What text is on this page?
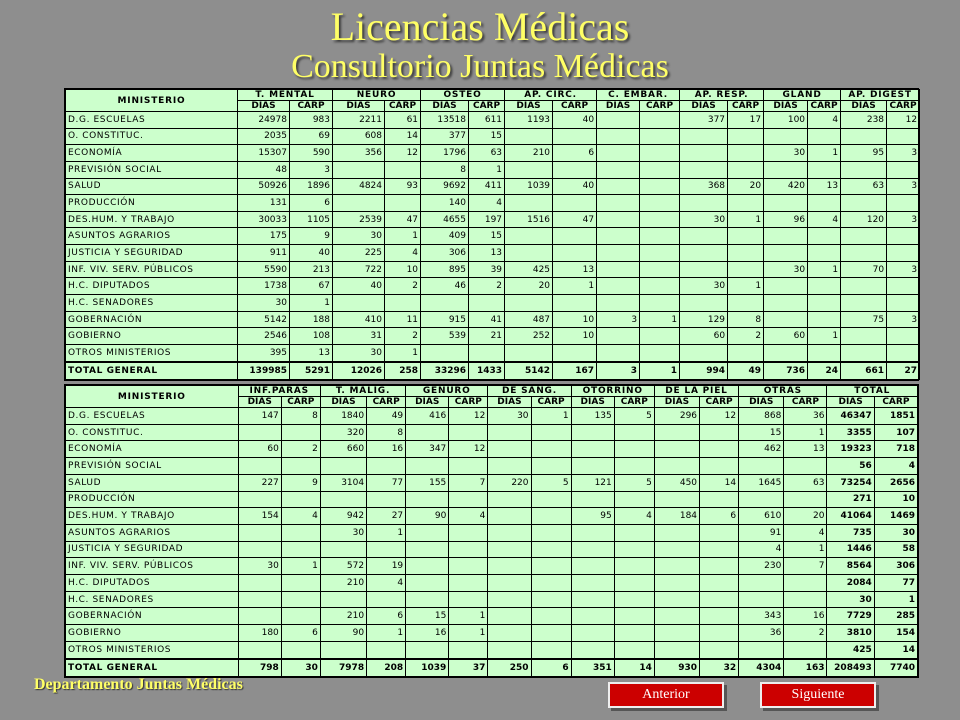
Licencias Médicas
Consultorio Juntas Médicas
MINISTERIO	T. MENTAL		NEURO		OSTEO		AP. CIRC.		C. EMBAR.		AP. RESP.		GLAND		AP. DIGEST	
	DIAS	CARP	DIAS	CARP	DIAS	CARP	DIAS	CARP	DIAS	CARP	DIAS	CARP	DIAS	CARP	DIAS	CARP
D.G. ESCUELAS	24978	983	2211	61	13518	611	1193	40			377	17	100	4	238	12
O. CONSTITUC.	2035	69	608	14	377	15										
ECONOMÍA	15307	590	356	12	1796	63	210	6					30	1	95	3
PREVISIÓN SOCIAL	48	3			8	1										
SALUD	50926	1896	4824	93	9692	411	1039	40			368	20	420	13	63	3
PRODUCCIÓN	131	6			140	4										
DES.HUM. Y TRABAJO	30033	1105	2539	47	4655	197	1516	47			30	1	96	4	120	3
ASUNTOS AGRARIOS	175	9	30	1	409	15										
JUSTICIA Y SEGURIDAD	911	40	225	4	306	13										
INF. VIV. SERV. PÚBLICOS	5590	213	722	10	895	39	425	13					30	1	70	3
H.C. DIPUTADOS	1738	67	40	2	46	2	20	1			30	1				
H.C. SENADORES	30	1														
GOBERNACIÓN	5142	188	410	11	915	41	487	10	3	1	129	8			75	3
GOBIERNO	2546	108	31	2	539	21	252	10			60	2	60	1		
OTROS MINISTERIOS	395	13	30	1												
TOTAL GENERAL	139985	5291	12026	258	33296	1433	5142	167	3	1	994	49	736	24	661	27
MINISTERIO	INF.PARAS		T. MALIG.		GENURO		DE SANG.		OTORRINO		DE LA PIEL		OTRAS		TOTAL	
	DIAS	CARP	DIAS	CARP	DIAS	CARP	DIAS	CARP	DIAS	CARP	DIAS	CARP	DIAS	CARP	DIAS	CARP
D.G. ESCUELAS	147	8	1840	49	416	12	30	1	135	5	296	12	868	36	46347	1851
O. CONSTITUC.			320	8									15	1	3355	107
ECONOMÍA	60	2	660	16	347	12							462	13	19323	718
PREVISIÓN SOCIAL															56	4
SALUD	227	9	3104	77	155	7	220	5	121	5	450	14	1645	63	73254	2656
PRODUCCIÓN															271	10
DES.HUM. Y TRABAJO	154	4	942	27	90	4			95	4	184	6	610	20	41064	1469
ASUNTOS AGRARIOS			30	1									91	4	735	30
JUSTICIA Y SEGURIDAD													4	1	1446	58
INF. VIV. SERV. PÚBLICOS	30	1	572	19									230	7	8564	306
H.C. DIPUTADOS			210	4											2084	77
H.C. SENADORES															30	1
GOBERNACIÓN			210	6	15	1							343	16	7729	285
GOBIERNO	180	6	90	1	16	1							36	2	3810	154
OTROS MINISTERIOS															425	14
TOTAL GENERAL	798	30	7978	208	1039	37	250	6	351	14	930	32	4304	163	208493	7740
Departamento Juntas Médicas
Anterior	Siguiente
